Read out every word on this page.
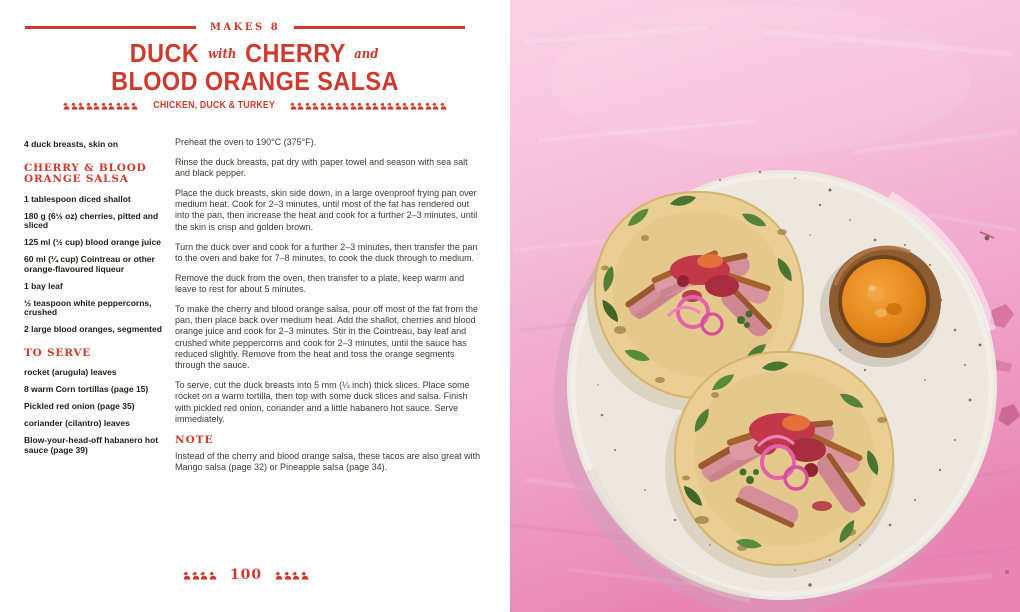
MAKES 8
DUCK with CHERRY and
BLOOD ORANGE SALSA
CHICKEN, DUCK & TURKEY

4 duck breasts, skin on

CHERRY & BLOOD ORANGE SALSA

1 tablespoon diced shallot

180 g (6½ oz) cherries, pitted and sliced

125 ml (½ cup) blood orange juice

60 ml (¼ cup) Cointreau or other orange-flavoured liqueur

1 bay leaf

½ teaspoon white peppercorns, crushed

2 large blood oranges, segmented

TO SERVE

rocket (arugula) leaves

8 warm Corn tortillas (page 15)

Pickled red onion (page 35)

coriander (cilantro) leaves

Blow-your-head-off habanero hot sauce (page 39)

Preheat the oven to 190°C (375°F).

Rinse the duck breasts, pat dry with paper towel and season with sea salt and black pepper.

Place the duck breasts, skin side down, in a large ovenproof frying pan over medium heat. Cook for 2–3 minutes, until most of the fat has rendered out into the pan, then increase the heat and cook for a further 2–3 minutes, until the skin is crisp and golden brown.

Turn the duck over and cook for a further 2–3 minutes, then transfer the pan to the oven and bake for 7–8 minutes, to cook the duck through to medium.

Remove the duck from the oven, then transfer to a plate, keep warm and leave to rest for about 5 minutes.

To make the cherry and blood orange salsa, pour off most of the fat from the pan, then place back over medium heat. Add the shallot, cherries and blood orange juice and cook for 2–3 minutes. Stir in the Cointreau, bay leaf and crushed white peppercorns and cook for 2–3 minutes, until the sauce has reduced slightly. Remove from the heat and toss the orange segments through the sauce.

To serve, cut the duck breasts into 5 mm (¼ inch) thick slices. Place some rocket on a warm tortilla, then top with some duck slices and salsa. Finish with pickled red onion, coriander and a little habanero hot sauce. Serve immediately.

NOTE

Instead of the cherry and blood orange salsa, these tacos are also great with Mango salsa (page 32) or Pineapple salsa (page 34).

100
